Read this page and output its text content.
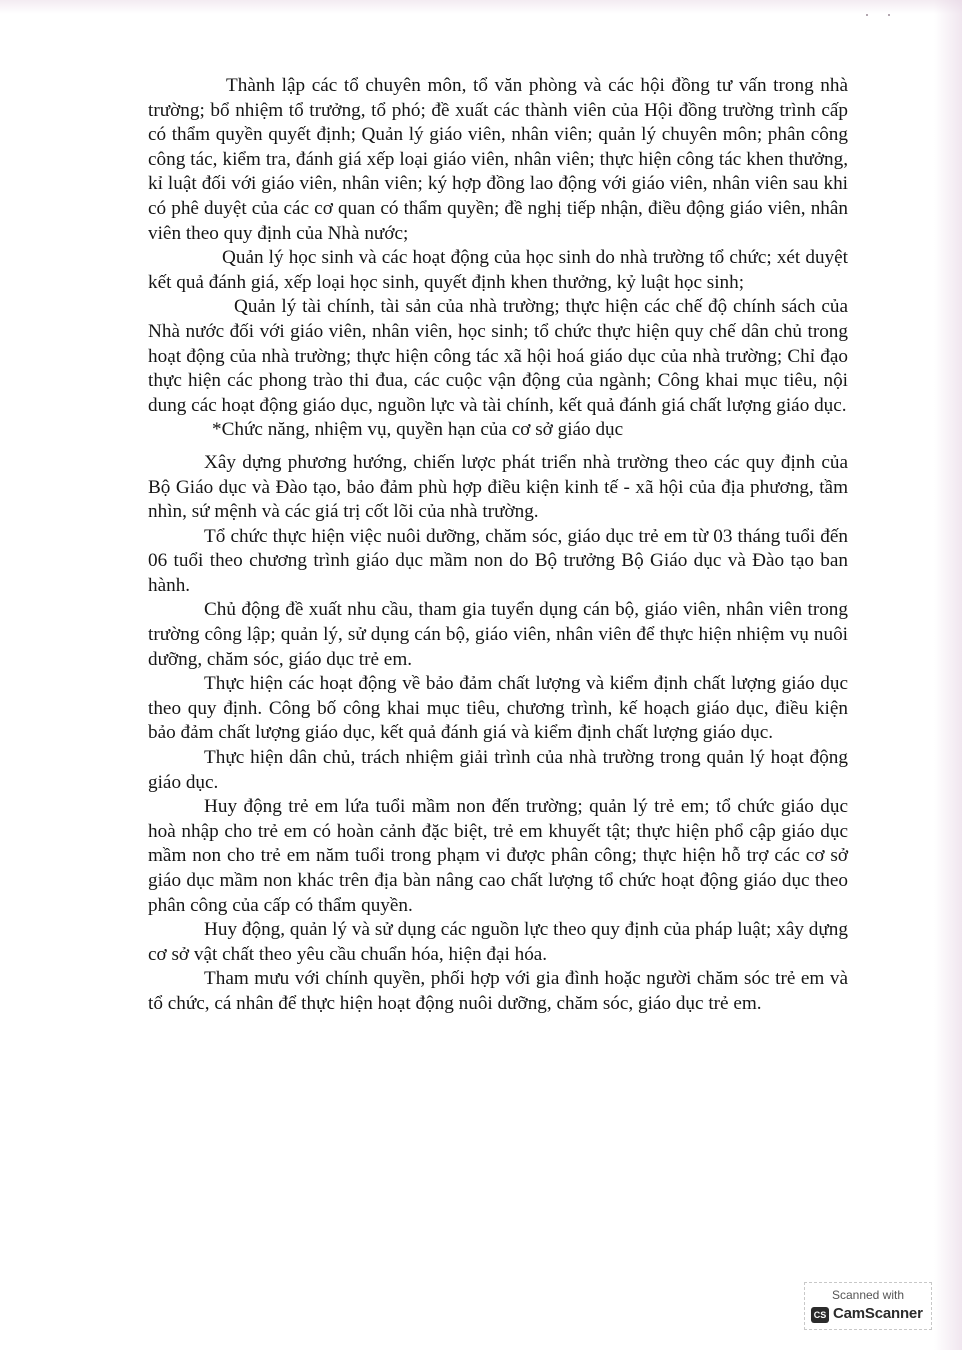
Thành lập các tổ chuyên môn, tổ văn phòng và các hội đồng tư vấn trong nhà trường; bổ nhiệm tổ trưởng, tổ phó; đề xuất các thành viên của Hội đồng trường trình cấp có thẩm quyền quyết định; Quản lý giáo viên, nhân viên; quản lý chuyên môn; phân công công tác, kiểm tra, đánh giá xếp loại giáo viên, nhân viên; thực hiện công tác khen thưởng, kỉ luật đối với giáo viên, nhân viên; ký hợp đồng lao động với giáo viên, nhân viên sau khi có phê duyệt của các cơ quan có thẩm quyền; đề nghị tiếp nhận, điều động giáo viên, nhân viên theo quy định của Nhà nước;

Quản lý học sinh và các hoạt động của học sinh do nhà trường tổ chức; xét duyệt kết quả đánh giá, xếp loại học sinh, quyết định khen thưởng, kỷ luật học sinh;

Quản lý tài chính, tài sản của nhà trường; thực hiện các chế độ chính sách của Nhà nước đối với giáo viên, nhân viên, học sinh; tổ chức thực hiện quy chế dân chủ trong hoạt động của nhà trường; thực hiện công tác xã hội hoá giáo dục của nhà trường; Chỉ đạo thực hiện các phong trào thi đua, các cuộc vận động của ngành; Công khai mục tiêu, nội dung các hoạt động giáo dục, nguồn lực và tài chính, kết quả đánh giá chất lượng giáo dục.

*Chức năng, nhiệm vụ, quyền hạn của cơ sở giáo dục

Xây dựng phương hướng, chiến lược phát triển nhà trường theo các quy định của Bộ Giáo dục và Đào tạo, bảo đảm phù hợp điều kiện kinh tế - xã hội của địa phương, tầm nhìn, sứ mệnh và các giá trị cốt lõi của nhà trường.

Tổ chức thực hiện việc nuôi dưỡng, chăm sóc, giáo dục trẻ em từ 03 tháng tuổi đến 06 tuổi theo chương trình giáo dục mầm non do Bộ trưởng Bộ Giáo dục và Đào tạo ban hành.

Chủ động đề xuất nhu cầu, tham gia tuyển dụng cán bộ, giáo viên, nhân viên trong trường công lập; quản lý, sử dụng cán bộ, giáo viên, nhân viên để thực hiện nhiệm vụ nuôi dưỡng, chăm sóc, giáo dục trẻ em.

Thực hiện các hoạt động về bảo đảm chất lượng và kiểm định chất lượng giáo dục theo quy định. Công bố công khai mục tiêu, chương trình, kế hoạch giáo dục, điều kiện bảo đảm chất lượng giáo dục, kết quả đánh giá và kiểm định chất lượng giáo dục.

Thực hiện dân chủ, trách nhiệm giải trình của nhà trường trong quản lý hoạt động giáo dục.

Huy động trẻ em lứa tuổi mầm non đến trường; quản lý trẻ em; tổ chức giáo dục hoà nhập cho trẻ em có hoàn cảnh đặc biệt, trẻ em khuyết tật; thực hiện phổ cập giáo dục mầm non cho trẻ em năm tuổi trong phạm vi được phân công; thực hiện hỗ trợ các cơ sở giáo dục mầm non khác trên địa bàn nâng cao chất lượng tổ chức hoạt động giáo dục theo phân công của cấp có thẩm quyền.

Huy động, quản lý và sử dụng các nguồn lực theo quy định của pháp luật; xây dựng cơ sở vật chất theo yêu cầu chuẩn hóa, hiện đại hóa.

Tham mưu với chính quyền, phối hợp với gia đình hoặc người chăm sóc trẻ em và tổ chức, cá nhân để thực hiện hoạt động nuôi dưỡng, chăm sóc, giáo dục trẻ em.

Scanned with
CS CamScanner
